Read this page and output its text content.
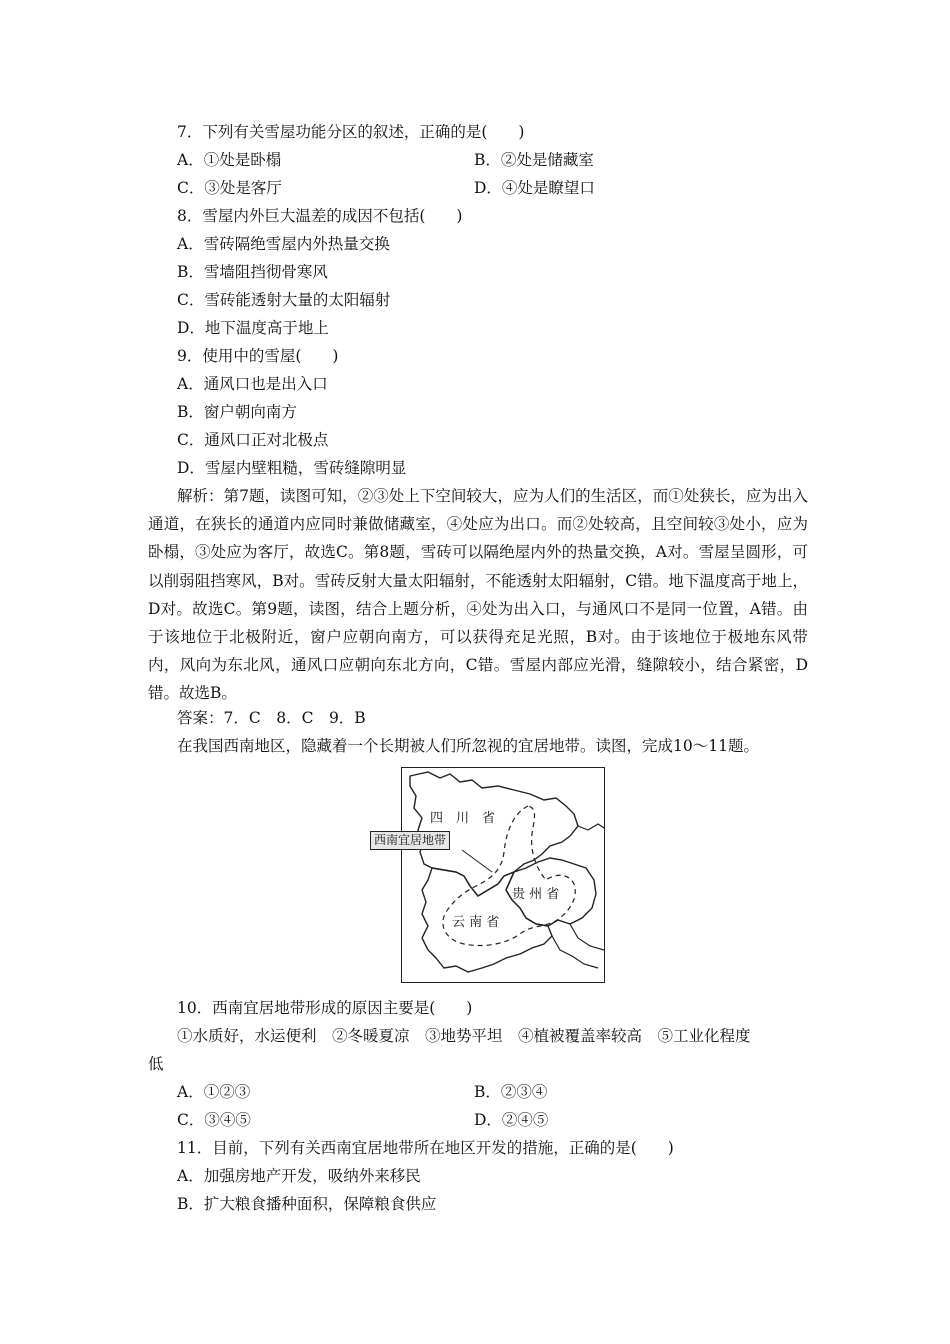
7．下列有关雪屋功能分区的叙述，正确的是(　　)
A．①处是卧榻	B．②处是储藏室
C．③处是客厅	D．④处是瞭望口
8．雪屋内外巨大温差的成因不包括(　　)
A．雪砖隔绝雪屋内外热量交换
B．雪墙阻挡彻骨寒风
C．雪砖能透射大量的太阳辐射
D．地下温度高于地上
9．使用中的雪屋(　　)
A．通风口也是出入口
B．窗户朝向南方
C．通风口正对北极点
D．雪屋内壁粗糙，雪砖缝隙明显
解析：第7题，读图可知，②③处上下空间较大，应为人们的生活区，而①处狭长，应为出入通道，在狭长的通道内应同时兼做储藏室，④处应为出口。而②处较高，且空间较③处小，应为卧榻，③处应为客厅，故选C。第8题，雪砖可以隔绝屋内外的热量交换，A对。雪屋呈圆形，可以削弱阻挡寒风，B对。雪砖反射大量太阳辐射，不能透射太阳辐射，C错。地下温度高于地上，D对。故选C。第9题，读图，结合上题分析，④处为出入口，与通风口不是同一位置，A错。由于该地位于北极附近，窗户应朝向南方，可以获得充足光照，B对。由于该地位于极地东风带内，风向为东北风，通风口应朝向东北方向，C错。雪屋内部应光滑，缝隙较小，结合紧密，D错。故选B。
答案：7．C　8．C　9．B
在我国西南地区，隐藏着一个长期被人们所忽视的宜居地带。读图，完成10～11题。
西南宜居地带
四　川　省
贵 州 省
云 南 省
10．西南宜居地带形成的原因主要是(　　)
①水质好，水运便利　②冬暖夏凉　③地势平坦　④植被覆盖率较高　⑤工业化程度
低
A．①②③	B．②③④
C．③④⑤	D．②④⑤
11．目前，下列有关西南宜居地带所在地区开发的措施，正确的是(　　)
A．加强房地产开发，吸纳外来移民
B．扩大粮食播种面积，保障粮食供应
